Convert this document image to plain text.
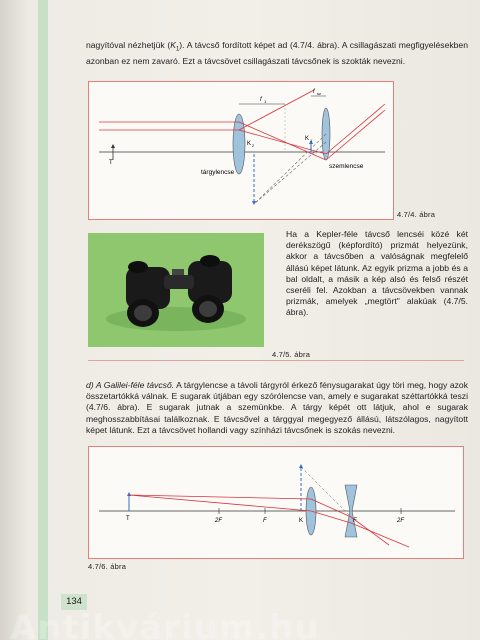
nagyítóval nézhetjük $(K_1)$. A távcső fordított képet ad (4.7/4. ábra). A csillagászati megfigyelésekben azonban ez nem zavaró. Ezt a távcsövet csillagászati távcsőnek is szokták nevezni.

T
f 1
f sz
K 2
K 1
tárgylencse
szemlencse
4.7/4. ábra

Ha a Kepler-féle távcső lencséi közé két derékszögű (képfordító) prizmát helyezünk, akkor a távcsőben a valóságnak megfelelő állású képet látunk. Az egyik prizma a jobb és a bal oldalt, a másik a kép alsó és felső részét cseréli fel. Azokban a távcsövekben vannak prizmák, amelyek „megtört" alakúak (4.7/5. ábra).

4.7/5. ábra

d) A Galilei-féle távcső. A tárgylencse a távoli tárgyról érkező fénysugarakat úgy töri meg, hogy azok összetartókká válnak. E sugarak útjában egy szórólencse van, amely e sugarakat széttartókká teszi (4.7/6. ábra). E sugarak jutnak a szemünkbe. A tárgy képét ott látjuk, ahol e sugarak meghosszabbításai találkoznak. E távcsővel a tárggyal megegyező állású, látszólagos, nagyított képet látunk. Ezt a távcsövet hollandi vagy színházi távcsőnek is szokás nevezni.

T	2F	F	K	F	2F
4.7/6. ábra
134
Antikvárium.hu
